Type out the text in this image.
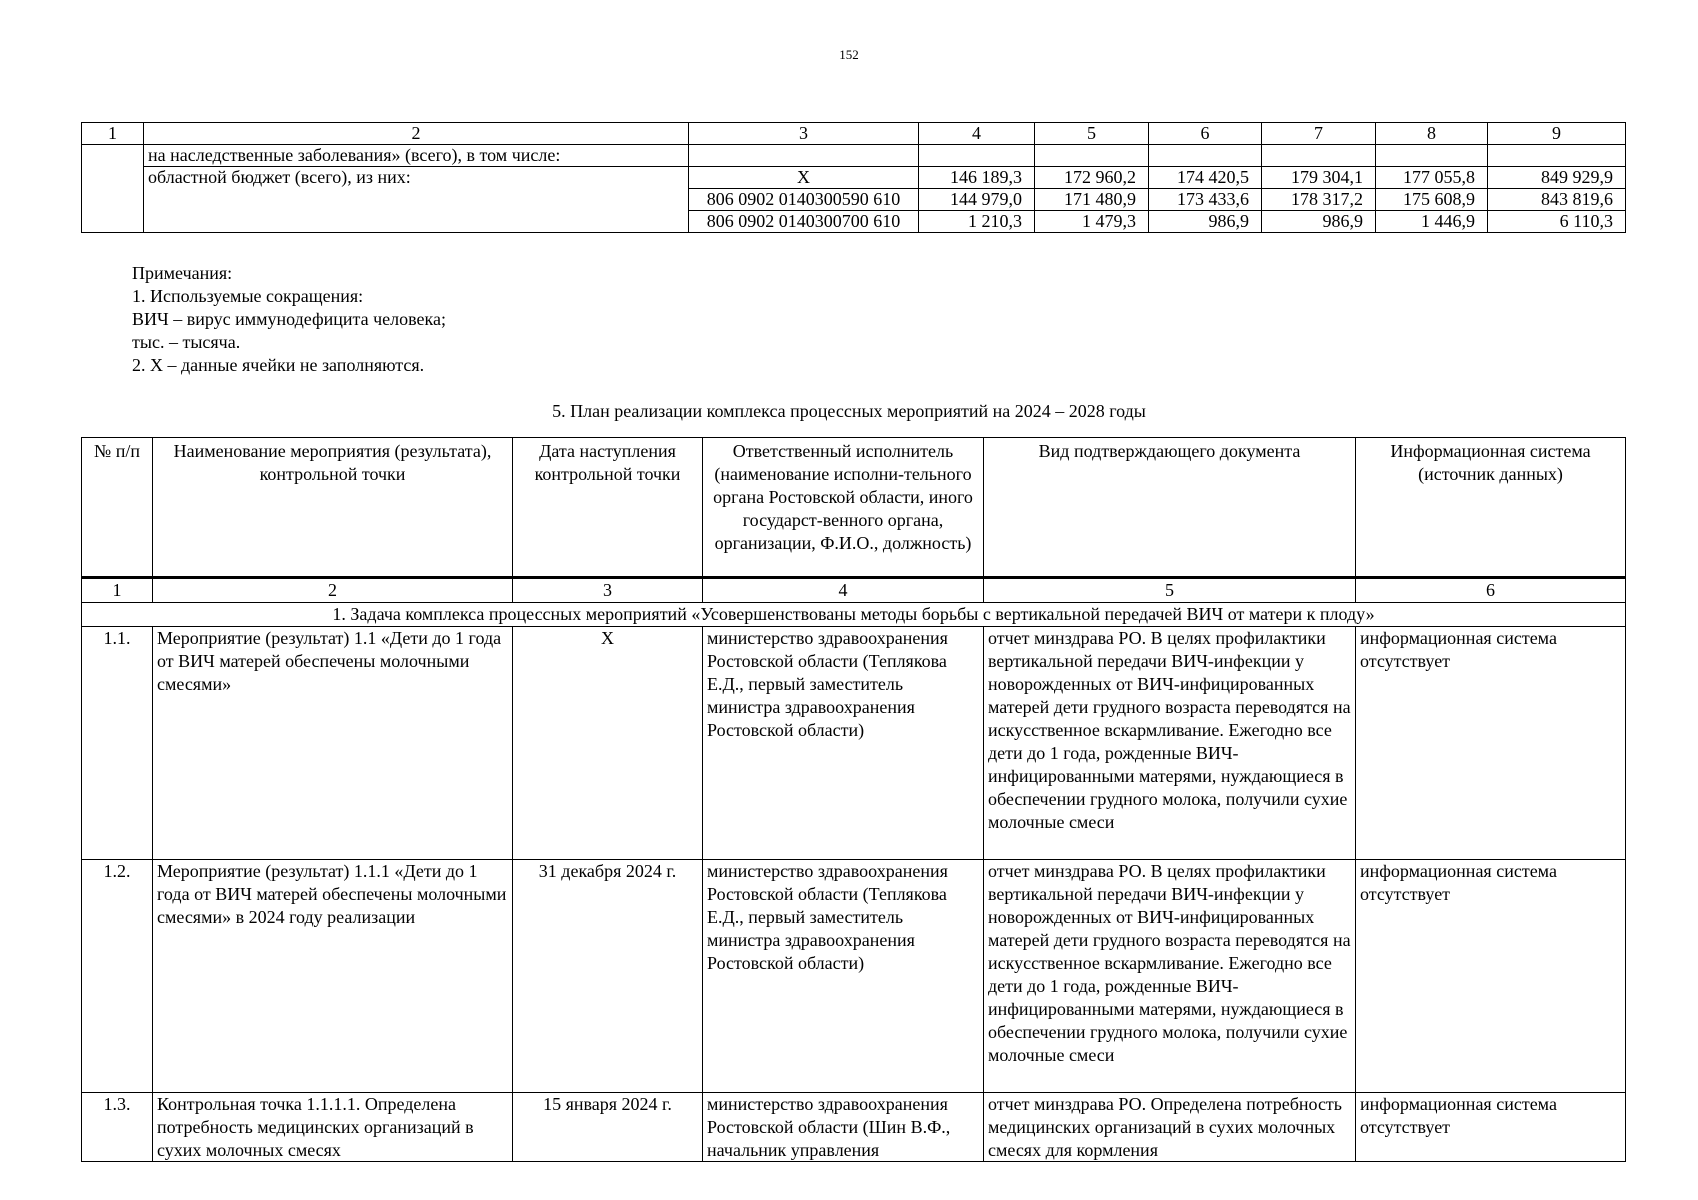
152
1	2	3	4	5	6	7	8	9
	на наследственные заболевания» (всего), в том числе:							
	областной бюджет (всего), из них:	Х	146 189,3	172 960,2	174 420,5	179 304,1	177 055,8	849 929,9
		806 0902 0140300590 610	144 979,0	171 480,9	173 433,6	178 317,2	175 608,9	843 819,6
		806 0902 0140300700 610	1 210,3	1 479,3	986,9	986,9	1 446,9	6 110,3
Примечания:
1. Используемые сокращения:
ВИЧ – вирус иммунодефицита человека;
тыс. – тысяча.
2. Х – данные ячейки не заполняются.
5. План реализации комплекса процессных мероприятий на 2024 – 2028 годы
№ п/п	Наименование мероприятия (результата), контрольной точки	Дата наступления контрольной точки	Ответственный исполнитель (наименование исполни-тельного органа Ростовской области, иного государст-венного органа, организации, Ф.И.О., должность)	Вид подтверждающего документа	Информационная система (источник данных)
1	2	3	4	5	6
1. Задача комплекса процессных мероприятий «Усовершенствованы методы борьбы с вертикальной передачей ВИЧ от матери к плоду»					
1.1.	Мероприятие (результат) 1.1 «Дети до 1 года от ВИЧ матерей обеспечены молочными смесями»	Х	министерство здравоохранения Ростовской области (Теплякова Е.Д., первый заместитель министра здравоохранения Ростовской области)	отчет минздрава РО. В целях профилактики вертикальной передачи ВИЧ-инфекции у новорожденных от ВИЧ-инфицированных матерей дети грудного возраста переводятся на искусственное вскармливание. Ежегодно все дети до 1 года, рожденные ВИЧ-инфицированными матерями, нуждающиеся в обеспечении грудного молока, получили сухие молочные смеси	информационная система отсутствует
1.2.	Мероприятие (результат) 1.1.1 «Дети до 1 года от ВИЧ матерей обеспечены молочными смесями» в 2024 году реализации	31 декабря 2024 г.	министерство здравоохранения Ростовской области (Теплякова Е.Д., первый заместитель министра здравоохранения Ростовской области)	отчет минздрава РО. В целях профилактики вертикальной передачи ВИЧ-инфекции у новорожденных от ВИЧ-инфицированных матерей дети грудного возраста переводятся на искусственное вскармливание. Ежегодно все дети до 1 года, рожденные ВИЧ-инфицированными матерями, нуждающиеся в обеспечении грудного молока, получили сухие молочные смеси	информационная система отсутствует
1.3.	Контрольная точка 1.1.1.1. Определена потребность медицинских организаций в сухих молочных смесях	15 января 2024 г.	министерство здравоохранения Ростовской области (Шин В.Ф., начальник управления	отчет минздрава РО. Определена потребность медицинских организаций в сухих молочных смесях для кормления	информационная система отсутствует
